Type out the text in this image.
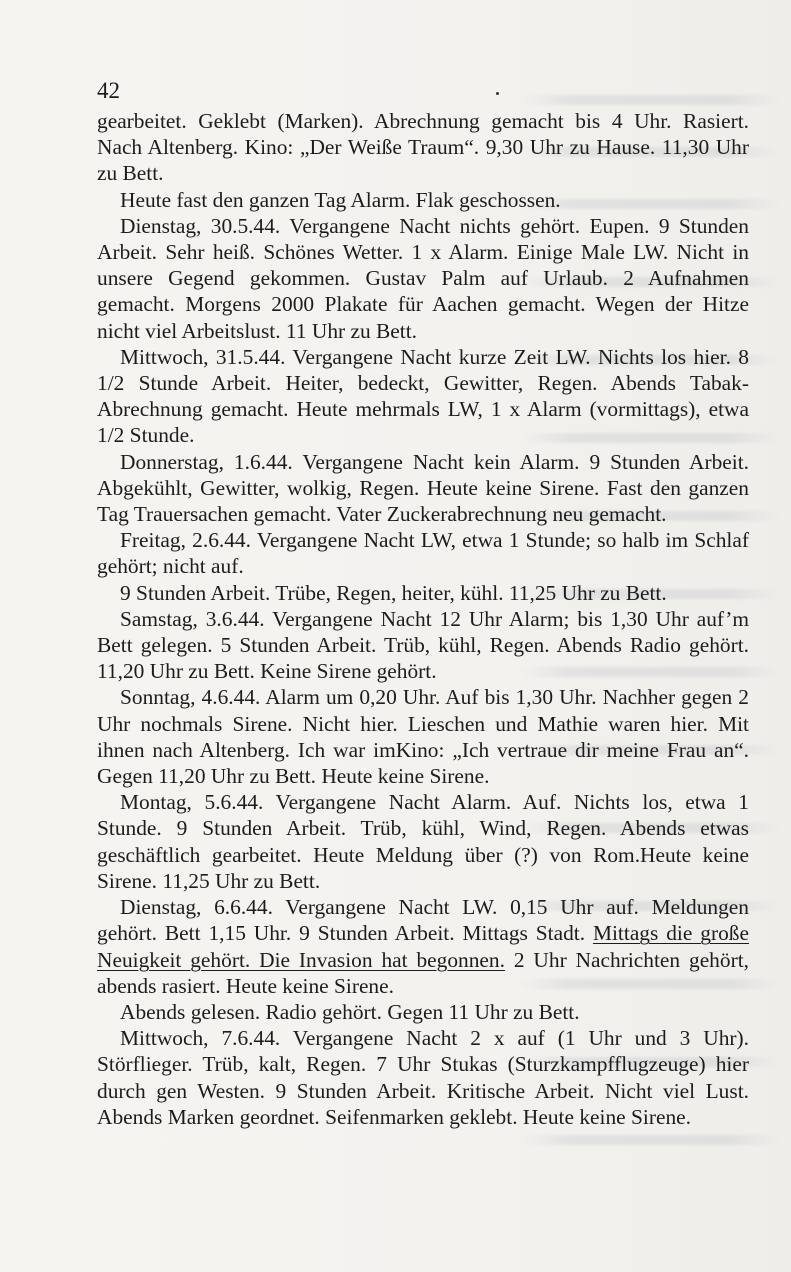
42

gearbeitet. Geklebt (Marken). Abrechnung gemacht bis 4 Uhr. Rasiert. Nach Altenberg. Kino: „Der Weiße Traum“. 9,30 Uhr zu Hause. 11,30 Uhr zu Bett.

Heute fast den ganzen Tag Alarm. Flak geschossen.

Dienstag, 30.5.44. Vergangene Nacht nichts gehört. Eupen. 9 Stunden Arbeit. Sehr heiß. Schönes Wetter. 1 x Alarm. Einige Male LW. Nicht in unsere Gegend gekommen. Gustav Palm auf Urlaub. 2 Aufnahmen gemacht. Morgens 2000 Plakate für Aachen gemacht. Wegen der Hitze nicht viel Arbeitslust. 11 Uhr zu Bett.

Mittwoch, 31.5.44. Vergangene Nacht kurze Zeit LW. Nichts los hier. 8 1/2 Stunde Arbeit. Heiter, bedeckt, Gewitter, Regen. Abends Tabak-Abrechnung gemacht. Heute mehrmals LW, 1 x Alarm (vormittags), etwa 1/2 Stunde.

Donnerstag, 1.6.44. Vergangene Nacht kein Alarm. 9 Stunden Arbeit. Abgekühlt, Gewitter, wolkig, Regen. Heute keine Sirene. Fast den ganzen Tag Trauersachen gemacht. Vater Zuckerabrechnung neu gemacht.

Freitag, 2.6.44. Vergangene Nacht LW, etwa 1 Stunde; so halb im Schlaf gehört; nicht auf.

9 Stunden Arbeit. Trübe, Regen, heiter, kühl. 11,25 Uhr zu Bett.

Samstag, 3.6.44. Vergangene Nacht 12 Uhr Alarm; bis 1,30 Uhr auf’m Bett gelegen. 5 Stunden Arbeit. Trüb, kühl, Regen. Abends Radio gehört. 11,20 Uhr zu Bett. Keine Sirene gehört.

Sonntag, 4.6.44. Alarm um 0,20 Uhr. Auf bis 1,30 Uhr. Nachher gegen 2 Uhr nochmals Sirene. Nicht hier. Lieschen und Mathie waren hier. Mit ihnen nach Altenberg. Ich war imKino: „Ich vertraue dir meine Frau an“. Gegen 11,20 Uhr zu Bett. Heute keine Sirene.

Montag, 5.6.44. Vergangene Nacht Alarm. Auf. Nichts los, etwa 1 Stunde. 9 Stunden Arbeit. Trüb, kühl, Wind, Regen. Abends etwas geschäftlich gearbeitet. Heute Meldung über (?) von Rom.Heute keine Sirene. 11,25 Uhr zu Bett.

Dienstag, 6.6.44. Vergangene Nacht LW. 0,15 Uhr auf. Meldungen gehört. Bett 1,15 Uhr. 9 Stunden Arbeit. Mittags Stadt. Mittags die große Neuigkeit gehört. Die Invasion hat begonnen. 2 Uhr Nachrichten gehört, abends rasiert. Heute keine Sirene.

Abends gelesen. Radio gehört. Gegen 11 Uhr zu Bett.

Mittwoch, 7.6.44. Vergangene Nacht 2 x auf (1 Uhr und 3 Uhr). Störflieger. Trüb, kalt, Regen. 7 Uhr Stukas (Sturzkampfflugzeuge) hier durch gen Westen. 9 Stunden Arbeit. Kritische Arbeit. Nicht viel Lust. Abends Marken geordnet. Seifenmarken geklebt. Heute keine Sirene.
